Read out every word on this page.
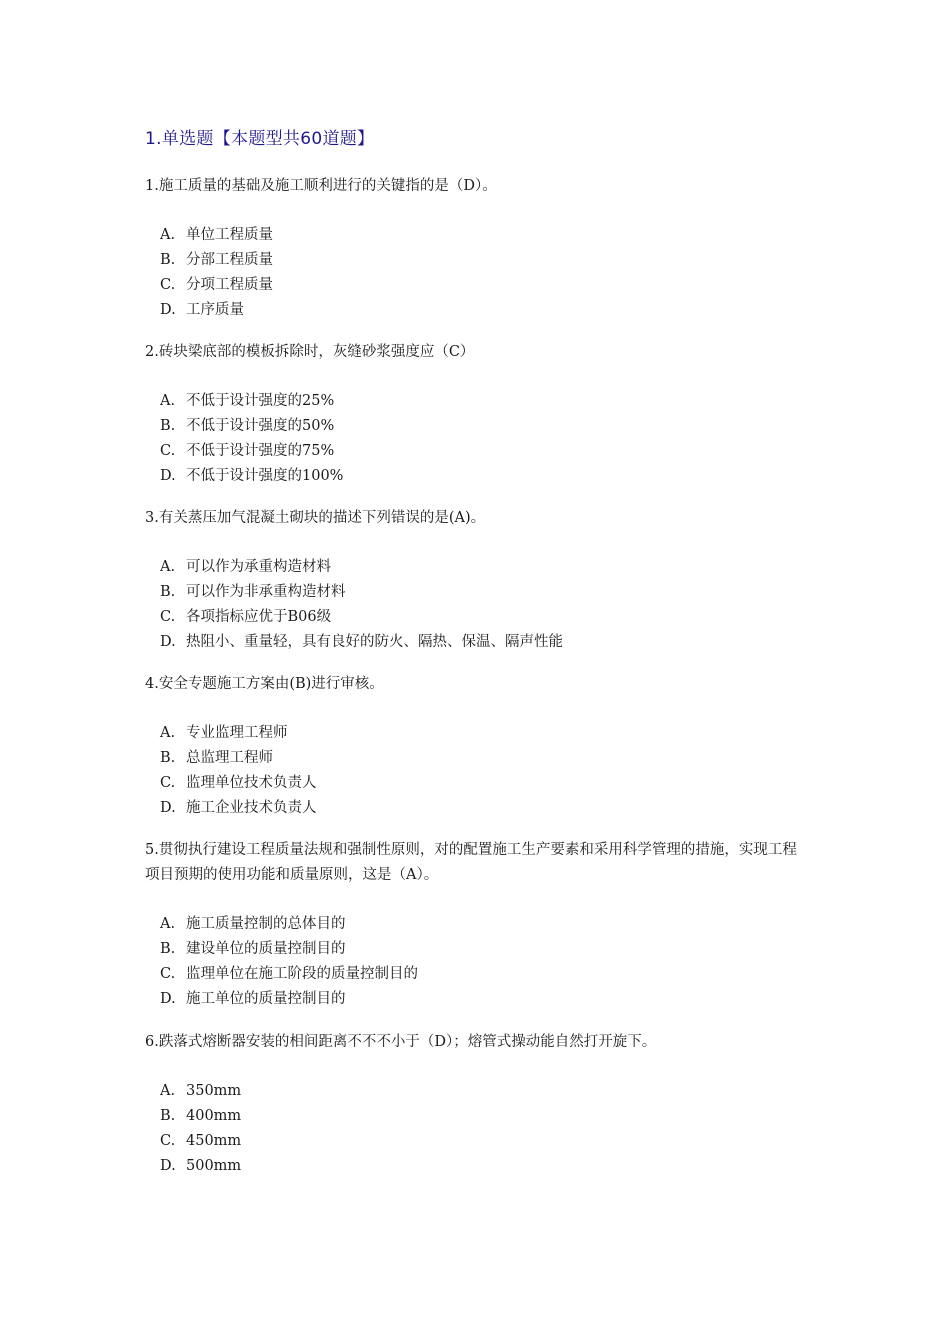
1.单选题【本题型共60道题】

1.施工质量的基础及施工顺利进行的关键指的是（D）。

A. 单位工程质量
B. 分部工程质量
C. 分项工程质量
D. 工序质量

2.砖块梁底部的模板拆除时，灰缝砂浆强度应（C）

A. 不低于设计强度的25%
B. 不低于设计强度的50%
C. 不低于设计强度的75%
D. 不低于设计强度的100%

3.有关蒸压加气混凝土砌块的描述下列错误的是(A)。

A. 可以作为承重构造材料
B. 可以作为非承重构造材料
C. 各项指标应优于B06级
D. 热阻小、重量轻，具有良好的防火、隔热、保温、隔声性能

4.安全专题施工方案由(B)进行审核。

A. 专业监理工程师
B. 总监理工程师
C. 监理单位技术负责人
D. 施工企业技术负责人

5.贯彻执行建设工程质量法规和强制性原则，对的配置施工生产要素和采用科学管理的措施，实现工程项目预期的使用功能和质量原则，这是（A）。

A. 施工质量控制的总体目的
B. 建设单位的质量控制目的
C. 监理单位在施工阶段的质量控制目的
D. 施工单位的质量控制目的

6.跌落式熔断器安装的相间距离不不不小于（D）；熔管式操动能自然打开旋下。

A. 350mm
B. 400mm
C. 450mm
D. 500mm
